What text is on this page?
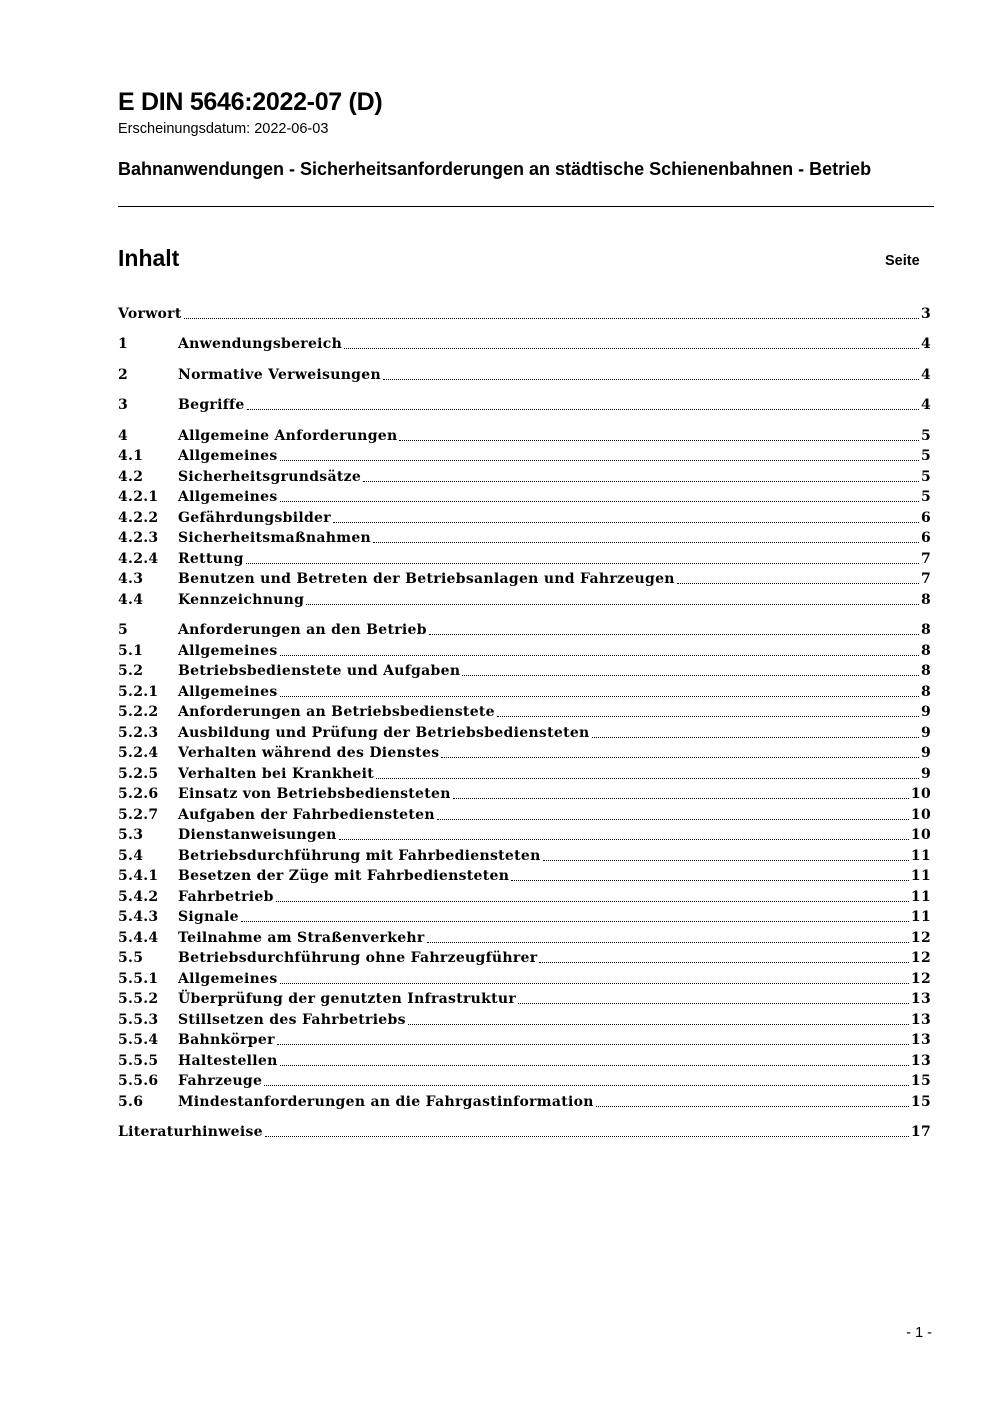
E DIN 5646:2022-07 (D)

Erscheinungsdatum: 2022-06-03

Bahnanwendungen - Sicherheitsanforderungen an städtische Schienenbahnen - Betrieb
Inhalt	Seite
Vorwort	3
1	Anwendungsbereich	4
2	Normative Verweisungen	4
3	Begriffe	4
4	Allgemeine Anforderungen	5
4.1	Allgemeines	5
4.2	Sicherheitsgrundsätze	5
4.2.1	Allgemeines	5
4.2.2	Gefährdungsbilder	6
4.2.3	Sicherheitsmaßnahmen	6
4.2.4	Rettung	7
4.3	Benutzen und Betreten der Betriebsanlagen und Fahrzeugen	7
4.4	Kennzeichnung	8
5	Anforderungen an den Betrieb	8
5.1	Allgemeines	8
5.2	Betriebsbedienstete und Aufgaben	8
5.2.1	Allgemeines	8
5.2.2	Anforderungen an Betriebsbedienstete	9
5.2.3	Ausbildung und Prüfung der Betriebsbediensteten	9
5.2.4	Verhalten während des Dienstes	9
5.2.5	Verhalten bei Krankheit	9
5.2.6	Einsatz von Betriebsbediensteten	10
5.2.7	Aufgaben der Fahrbediensteten	10
5.3	Dienstanweisungen	10
5.4	Betriebsdurchführung mit Fahrbediensteten	11
5.4.1	Besetzen der Züge mit Fahrbediensteten	11
5.4.2	Fahrbetrieb	11
5.4.3	Signale	11
5.4.4	Teilnahme am Straßenverkehr	12
5.5	Betriebsdurchführung ohne Fahrzeugführer	12
5.5.1	Allgemeines	12
5.5.2	Überprüfung der genutzten Infrastruktur	13
5.5.3	Stillsetzen des Fahrbetriebs	13
5.5.4	Bahnkörper	13
5.5.5	Haltestellen	13
5.5.6	Fahrzeuge	15
5.6	Mindestanforderungen an die Fahrgastinformation	15
Literaturhinweise	17
- 1 -
